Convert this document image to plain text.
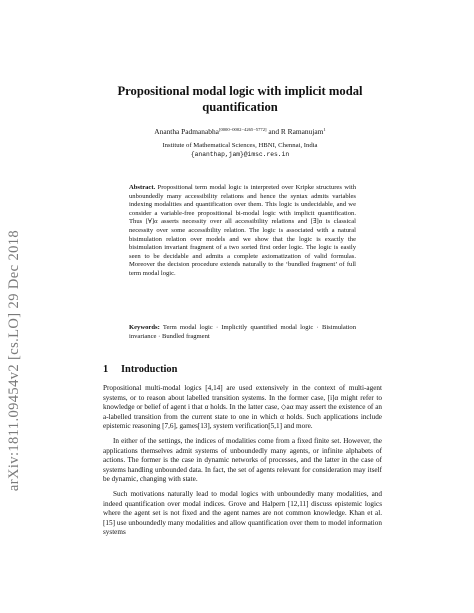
arXiv:1811.09454v2 [cs.LO] 29 Dec 2018
Propositional modal logic with implicit modal quantification
Anantha Padmanabha[0000−0002−4265−5772] and R Ramanujam$^1$
Institute of Mathematical Sciences, HBNI, Chennai, India
{ananthap,jam}@imsc.res.in
Abstract. Propositional term modal logic is interpreted over Kripke structures with unboundedly many accessibility relations and hence the syntax admits variables indexing modalities and quantification over them. This logic is undecidable, and we consider a variable-free propositional bi-modal logic with implicit quantification. Thus [∀]α asserts necessity over all accessibility relations and [∃]α is classical necessity over some accessibility relation. The logic is associated with a natural bisimulation relation over models and we show that the logic is exactly the bisimulation invariant fragment of a two sorted first order logic. The logic is easily seen to be decidable and admits a complete axiomatization of valid formulas. Moreover the decision procedure extends naturally to the ‘bundled fragment’ of full term modal logic.
Keywords: Term modal logic · Implicitly quantified modal logic · Bisimulation invariance · Bundled fragment
1 Introduction

Propositional multi-modal logics [4,14] are used extensively in the context of multi-agent systems, or to reason about labelled transition systems. In the former case, [i]α might refer to knowledge or belief of agent i that α holds. In the latter case, ◇aα may assert the existence of an a-labelled transition from the current state to one in which α holds. Such applications include epistemic reasoning [7,6], games[13], system verification[5,1] and more.

In either of the settings, the indices of modalities come from a fixed finite set. However, the applications themselves admit systems of unboundedly many agents, or infinite alphabets of actions. The former is the case in dynamic networks of processes, and the latter in the case of systems handling unbounded data. In fact, the set of agents relevant for consideration may itself be dynamic, changing with state.

Such motivations naturally lead to modal logics with unboundedly many modalities, and indeed quantification over modal indices. Grove and Halpern [12,11] discuss epistemic logics where the agent set is not fixed and the agent names are not common knowledge. Khan et al. [15] use unboundedly many modalities and allow quantification over them to model information systems
